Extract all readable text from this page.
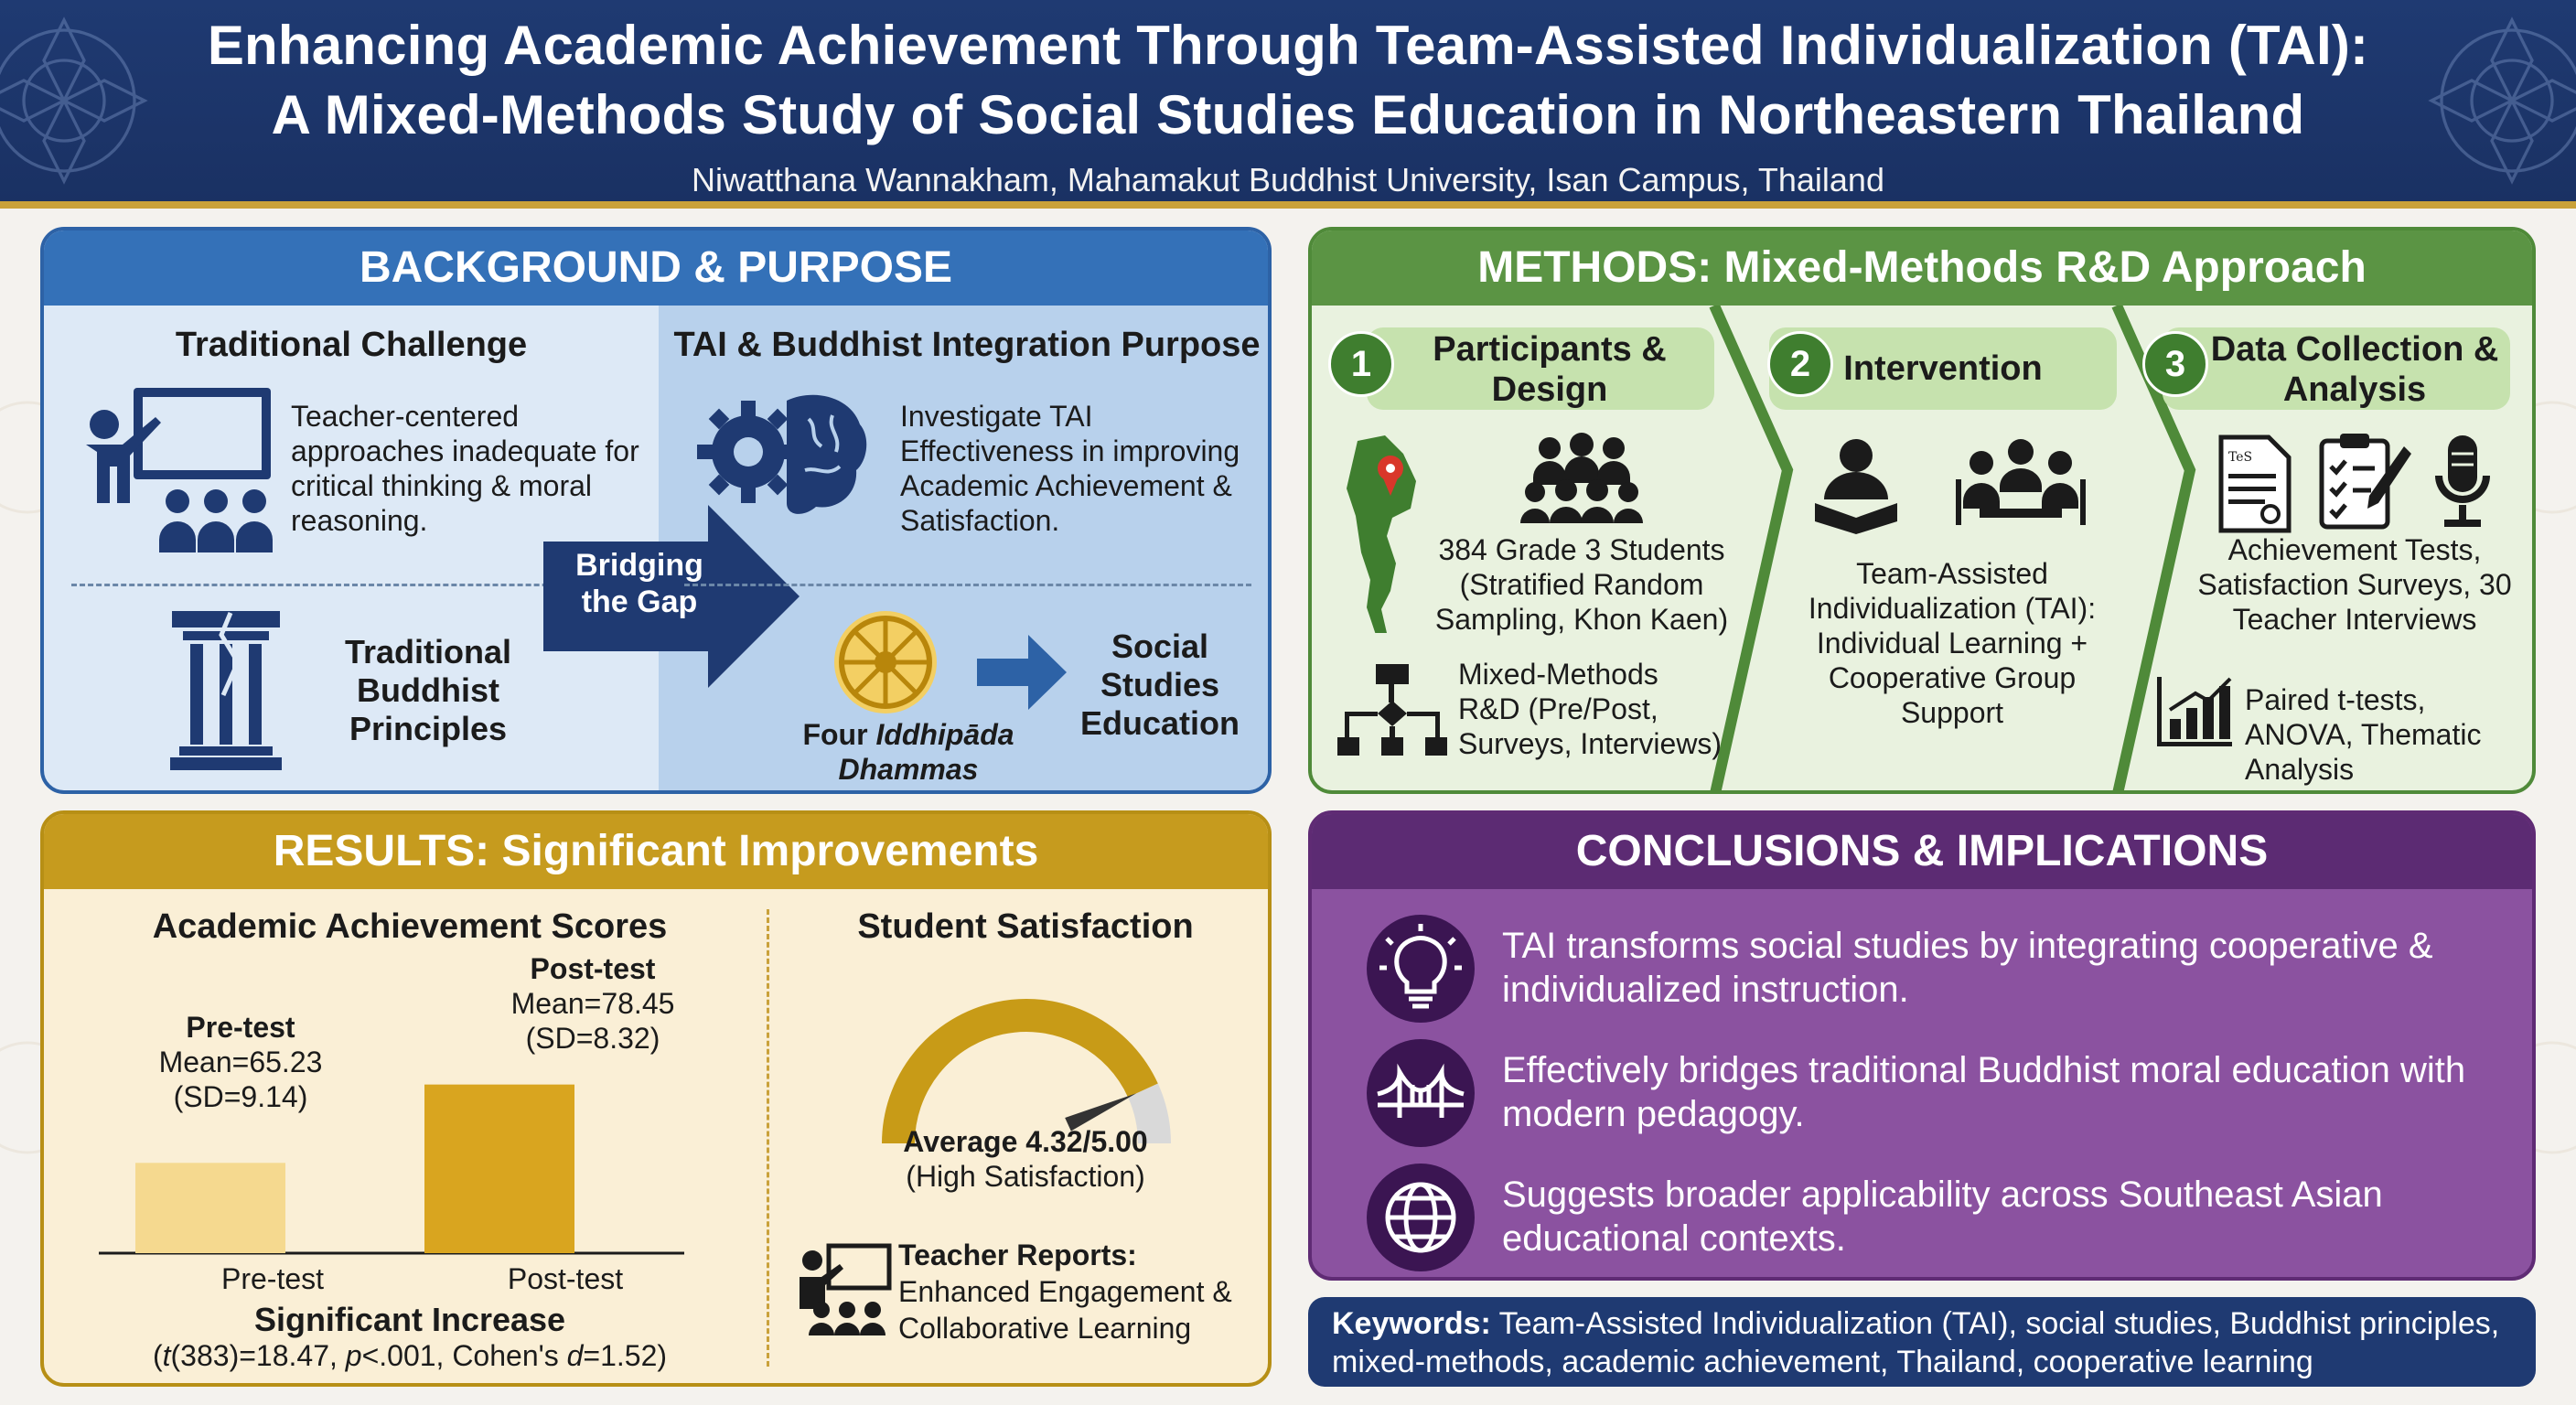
Enhancing Academic Achievement Through Team-Assisted Individualization (TAI):
A Mixed-Methods Study of Social Studies Education in Northeastern Thailand
Niwatthana Wannakham, Mahamakut Buddhist University, Isan Campus, Thailand
BACKGROUND & PURPOSE
Traditional Challenge
Teacher-centered approaches inadequate for critical thinking & moral reasoning.
Traditional Buddhist Principles
Bridging the Gap
TAI & Buddhist Integration Purpose
Investigate TAI Effectiveness in improving Academic Achievement & Satisfaction.
Four Iddhipāda Dhammas
Social Studies Education
METHODS: Mixed-Methods R&D Approach
Participants & Design
1	Intervention
2	Data Collection & Analysis
3
384 Grade 3 Students (Stratified Random Sampling, Khon Kaen)
Mixed-Methods R&D (Pre/Post, Surveys, Interviews)
Team-Assisted Individualization (TAI): Individual Learning + Cooperative Group Support
TeS
Achievement Tests, Satisfaction Surveys, 30 Teacher Interviews
Paired t-tests, ANOVA, Thematic Analysis
RESULTS: Significant Improvements
Academic Achievement Scores
Pre-test
Mean=65.23
(SD=9.14)
Post-test
Mean=78.45
(SD=8.32)
Pre-test	Post-test
Significant Increase
(t(383)=18.47, p<.001, Cohen's d=1.52)
Student Satisfaction
Average 4.32/5.00
(High Satisfaction)
Teacher Reports:
Enhanced Engagement & Collaborative Learning
CONCLUSIONS & IMPLICATIONS
TAI transforms social studies by integrating cooperative & individualized instruction.
Effectively bridges traditional Buddhist moral education with modern pedagogy.
Suggests broader applicability across Southeast Asian educational contexts.
Keywords: Team-Assisted Individualization (TAI), social studies, Buddhist principles, mixed-methods, academic achievement, Thailand, cooperative learning
